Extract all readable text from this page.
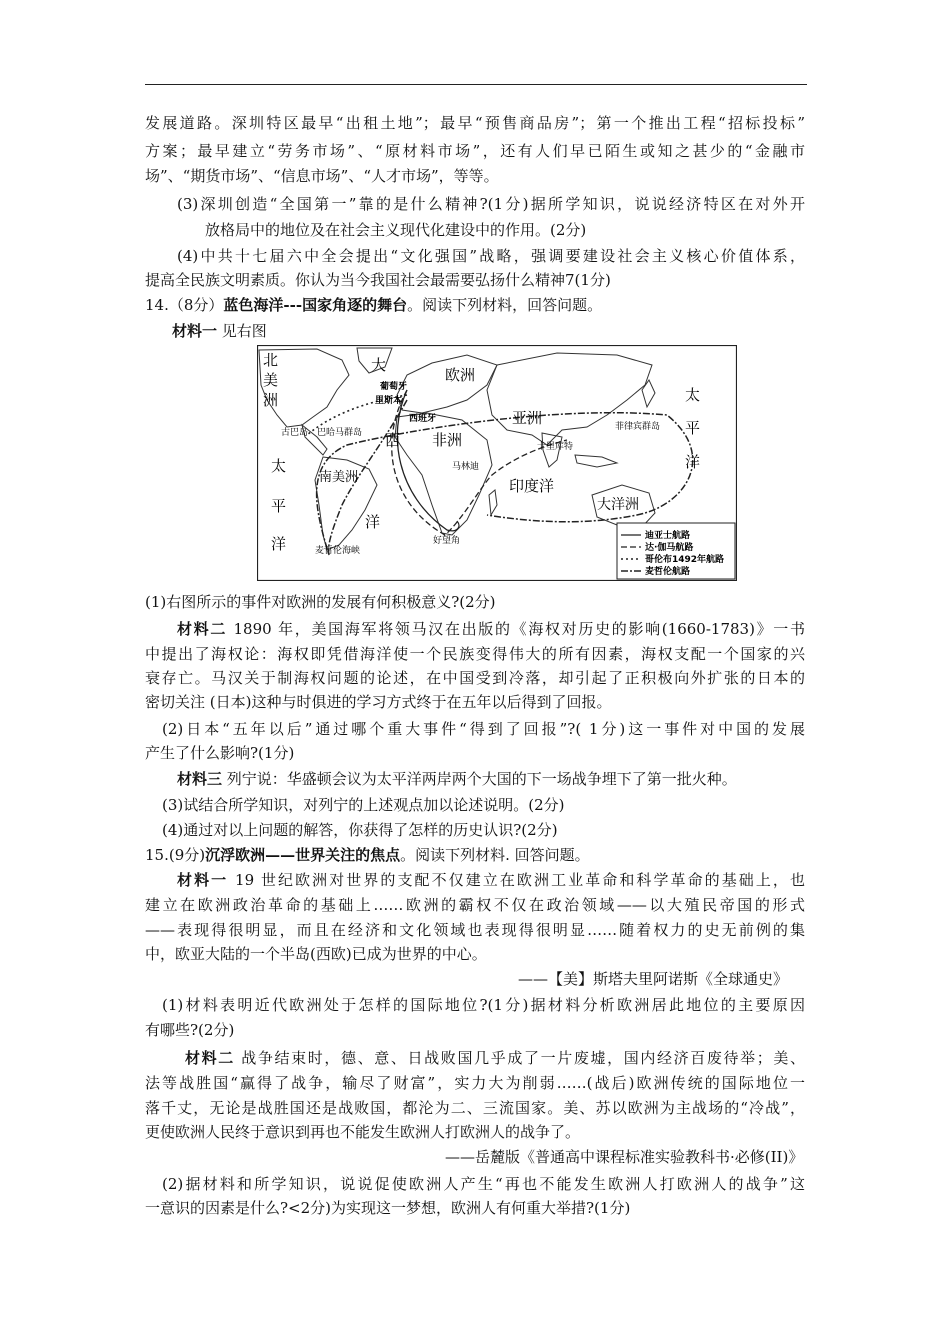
发展道路。深圳特区最早“出租土地”；最早“预售商品房”；第一个推出工程“招标投标”
方案；最早建立“劳务市场”、“原材料市场”，还有人们早已陌生或知之甚少的“金融市
场”、“期货市场”、“信息市场”、“人才市场”，等等。
(3)深圳创造“全国第一”靠的是什么精神?(1分)据所学知识，说说经济特区在对外开
放格局中的地位及在社会主义现代化建设中的作用。(2分)
(4)中共十七届六中全会提出“文化强国”战略，强调要建设社会主义核心价值体系，
提高全民族文明素质。你认为当今我国社会最需要弘扬什么精神7(1分)
14.（8分）蓝色海洋---国家角逐的舞台。阅读下列材料，回答问题。
材料一 见右图
北
美
洲
大
欧洲
葡萄牙
里斯本
西班牙
古巴岛 巴哈马群岛 西 非洲
亚洲
卡里库特
菲律宾群岛
太
平
洋
太
平
洋
南美洲
洋
马林迪
印度洋
大洋洲
好望角
麦哲伦海峡
迪亚士航路
达·伽马航路
哥伦布1492年航路
麦哲伦航路
(1)右图所示的事件对欧洲的发展有何积极意义?(2分)
材料二 1890 年，美国海军将领马汉在出版的《海权对历史的影响(1660-1783)》一书
中提出了海权论：海权即凭借海洋使一个民族变得伟大的所有因素，海权支配一个国家的兴
衰存亡。马汉关于制海权问题的论述，在中国受到冷落，却引起了正积极向外扩张的日本的
密切关注 (日本)这种与时俱进的学习方式终于在五年以后得到了回报。
(2)日本“五年以后”通过哪个重大事件“得到了回报”?( 1分)这一事件对中国的发展
产生了什么影响?(1分)
材料三 列宁说：华盛顿会议为太平洋两岸两个大国的下一场战争埋下了第一批火种。
(3)试结合所学知识，对列宁的上述观点加以论述说明。(2分)
(4)通过对以上问题的解答，你获得了怎样的历史认识?(2分)
15.(9分)沉浮欧洲——世界关注的焦点。阅读下列材料. 回答问题。
材料一 19 世纪欧洲对世界的支配不仅建立在欧洲工业革命和科学革命的基础上，也
建立在欧洲政治革命的基础上……欧洲的霸权不仅在政治领域——以大殖民帝国的形式
——表现得很明显，而且在经济和文化领域也表现得很明显……随着权力的史无前例的集
中，欧亚大陆的一个半岛(西欧)已成为世界的中心。
——【美】斯塔夫里阿诺斯《全球通史》
(1)材料表明近代欧洲处于怎样的国际地位?(1分)据材料分析欧洲居此地位的主要原因
有哪些?(2分)
材料二 战争结束时，德、意、日战败国几乎成了一片废墟，国内经济百废待举；美、
法等战胜国“赢得了战争，输尽了财富”，实力大为削弱……(战后)欧洲传统的国际地位一
落千丈，无论是战胜国还是战败国，都沦为二、三流国家。美、苏以欧洲为主战场的“冷战”，
更使欧洲人民终于意识到再也不能发生欧洲人打欧洲人的战争了。
——岳麓版《普通高中课程标准实验教科书·必修(II)》
(2)据材料和所学知识，说说促使欧洲人产生“再也不能发生欧洲人打欧洲人的战争”这
一意识的因素是什么?<2分)为实现这一梦想，欧洲人有何重大举措?(1分)
